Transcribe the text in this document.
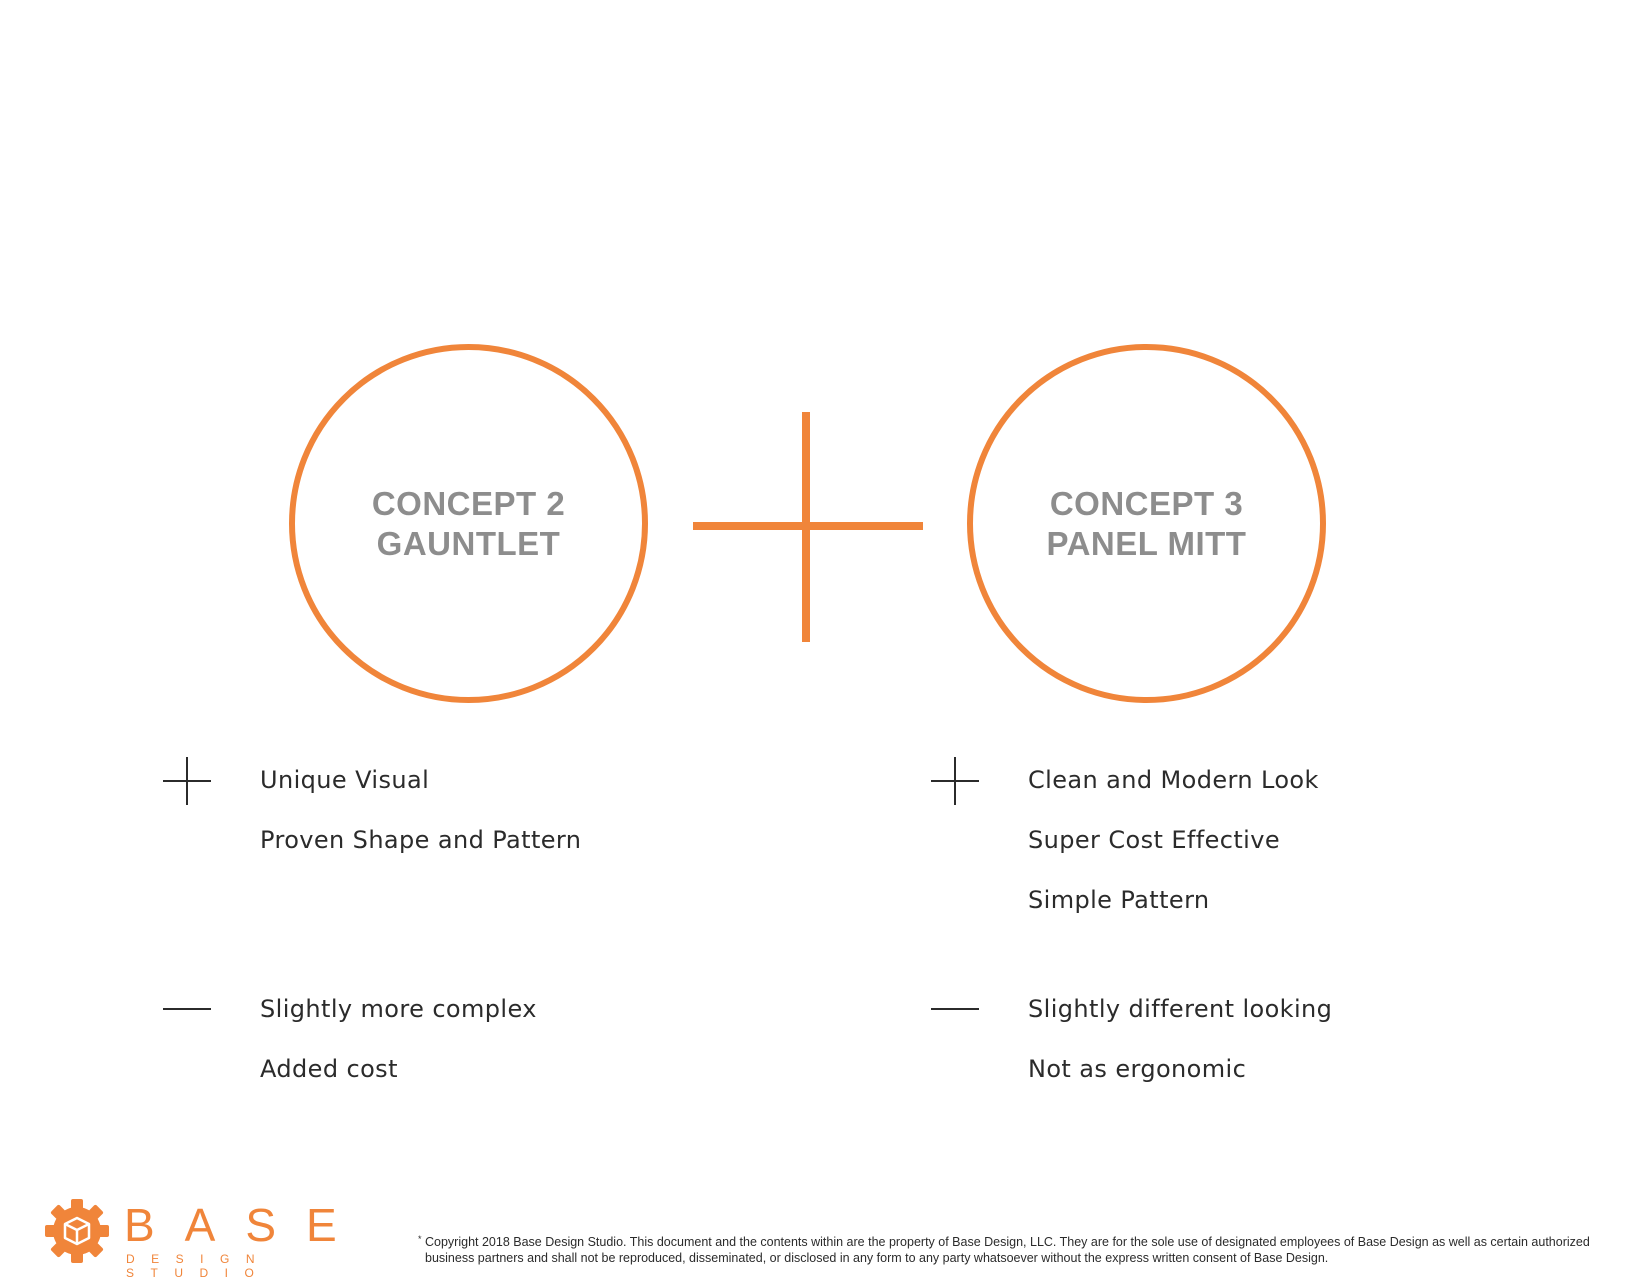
CONCEPT 2
GAUNTLET
CONCEPT 3
PANEL MITT
Unique Visual
Proven Shape and Pattern
Slightly more complex
Added cost
Clean and Modern Look
Super Cost Effective
Simple Pattern
Slightly different looking
Not as ergonomic
BASE
DESIGN STUDIO
* Copyright 2018 Base Design Studio. This document and the contents within are the property of Base Design, LLC. They are for the sole use of designated employees of Base Design as well as certain authorized business partners and shall not be reproduced, disseminated, or disclosed in any form to any party whatsoever without the express written consent of Base Design.
